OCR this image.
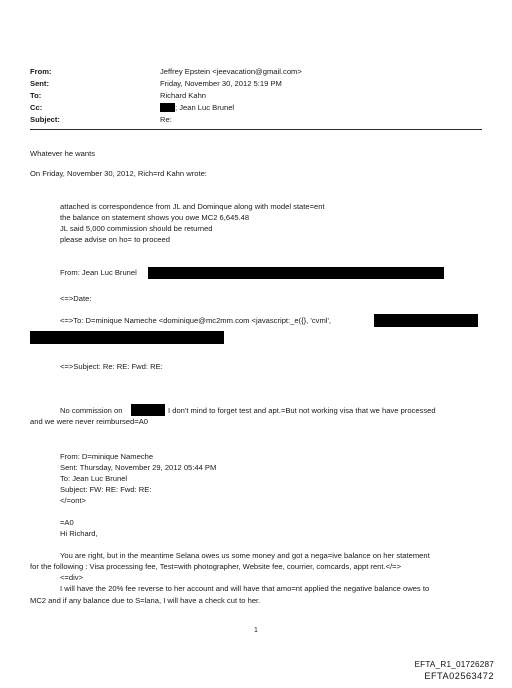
From:	Jeffrey Epstein <jeevacation@gmail.com>
Sent:	Friday, November 30, 2012 5:19 PM
To:	Richard Kahn
Cc:	; Jean Luc Brunel
Subject:	Re:
Whatever he wants
On Friday, November 30, 2012, Rich=rd Kahn wrote:
attached is correspondence from JL and Dominque along with model state=ent
the balance on statement shows you owe MC2 6,645.48
JL said 5,000 commission should be returned
please advise on ho= to proceed
From: Jean Luc Brunel
<=>Date:
<=>To: D=minique Nameche <dominique@mc2mm.com <javascript:_e({}, 'cvml',
<=>Subject: Re: RE: Fwd: RE:
No commission on	I don't mind to forget test and apt.=But not working visa that we have processed
and we were never reimbursed=A0
From: D=minique Nameche
Sent: Thursday, November 29, 2012 05:44 PM
To: Jean Luc Brunel
Subject: FW: RE: Fwd: RE:
</=ont>
=A0
Hi Richard,
You are right, but in the meantime Selana owes us some money and got a nega=ive balance on her statement
for the following : Visa processing fee, Test=with photographer, Website fee, courrier, comcards, appt rent.</=>
<=div>
I will have the 20% fee reverse to her account and will have that amo=nt applied the negative balance owes to
MC2 and if any balance due to S=lana, I will have a check cut to her.
1
EFTA_R1_01726287
EFTA02563472
